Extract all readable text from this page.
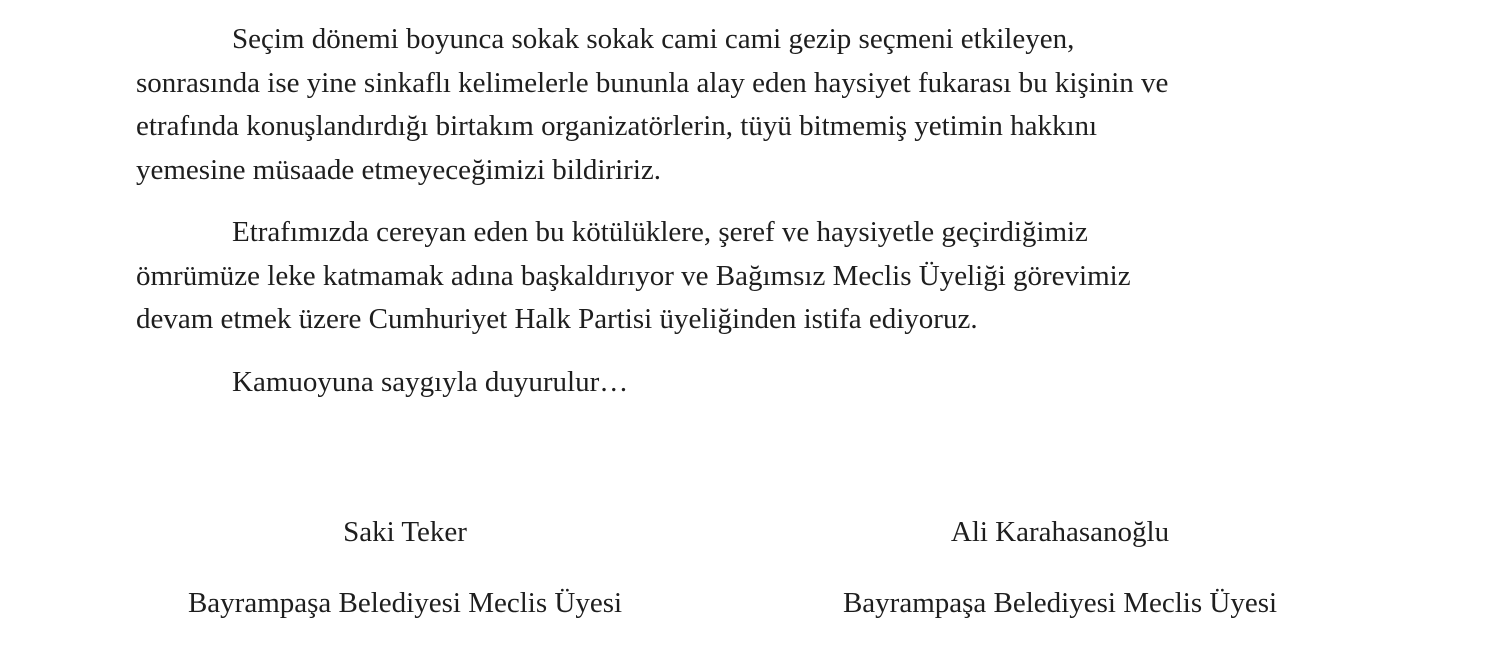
Seçim dönemi boyunca sokak sokak cami cami gezip seçmeni etkileyen,
sonrasında ise yine sinkaflı kelimelerle bununla alay eden haysiyet fukarası bu kişinin ve
etrafında konuşlandırdığı birtakım organizatörlerin, tüyü bitmemiş yetimin hakkını
yemesine müsaade etmeyeceğimizi bildiririz.

Etrafımızda cereyan eden bu kötülüklere, şeref ve haysiyetle geçirdiğimiz
ömrümüze leke katmamak adına başkaldırıyor ve Bağımsız Meclis Üyeliği görevimiz
devam etmek üzere Cumhuriyet Halk Partisi üyeliğinden istifa ediyoruz.

Kamuoyuna saygıyla duyurulur…

Saki Teker
Bayrampaşa Belediyesi Meclis Üyesi
Ali Karahasanoğlu
Bayrampaşa Belediyesi Meclis Üyesi
